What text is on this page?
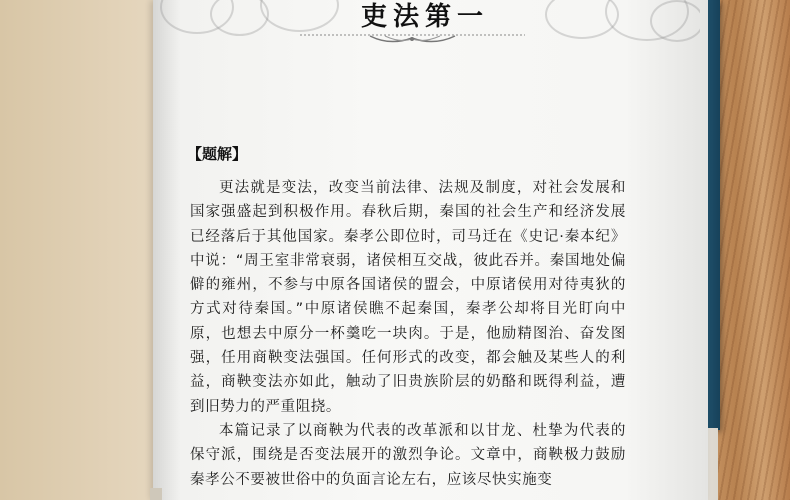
吏法第一
【题解】

更法就是变法，改变当前法律、法规及制度，对社会发展和国家强盛起到积极作用。春秋后期，秦国的社会生产和经济发展已经落后于其他国家。秦孝公即位时，司马迁在《史记·秦本纪》中说：“周王室非常衰弱，诸侯相互交战，彼此吞并。秦国地处偏僻的雍州，不参与中原各国诸侯的盟会，中原诸侯用对待夷狄的方式对待秦国。”中原诸侯瞧不起秦国，秦孝公却将目光盯向中原，也想去中原分一杯羹吃一块肉。于是，他励精图治、奋发图强，任用商鞅变法强国。任何形式的改变，都会触及某些人的利益，商鞅变法亦如此，触动了旧贵族阶层的奶酪和既得利益，遭到旧势力的严重阻挠。

本篇记录了以商鞅为代表的改革派和以甘龙、杜挚为代表的保守派，围绕是否变法展开的激烈争论。文章中，商鞅极力鼓励秦孝公不要被世俗中的负面言论左右，应该尽快实施变
